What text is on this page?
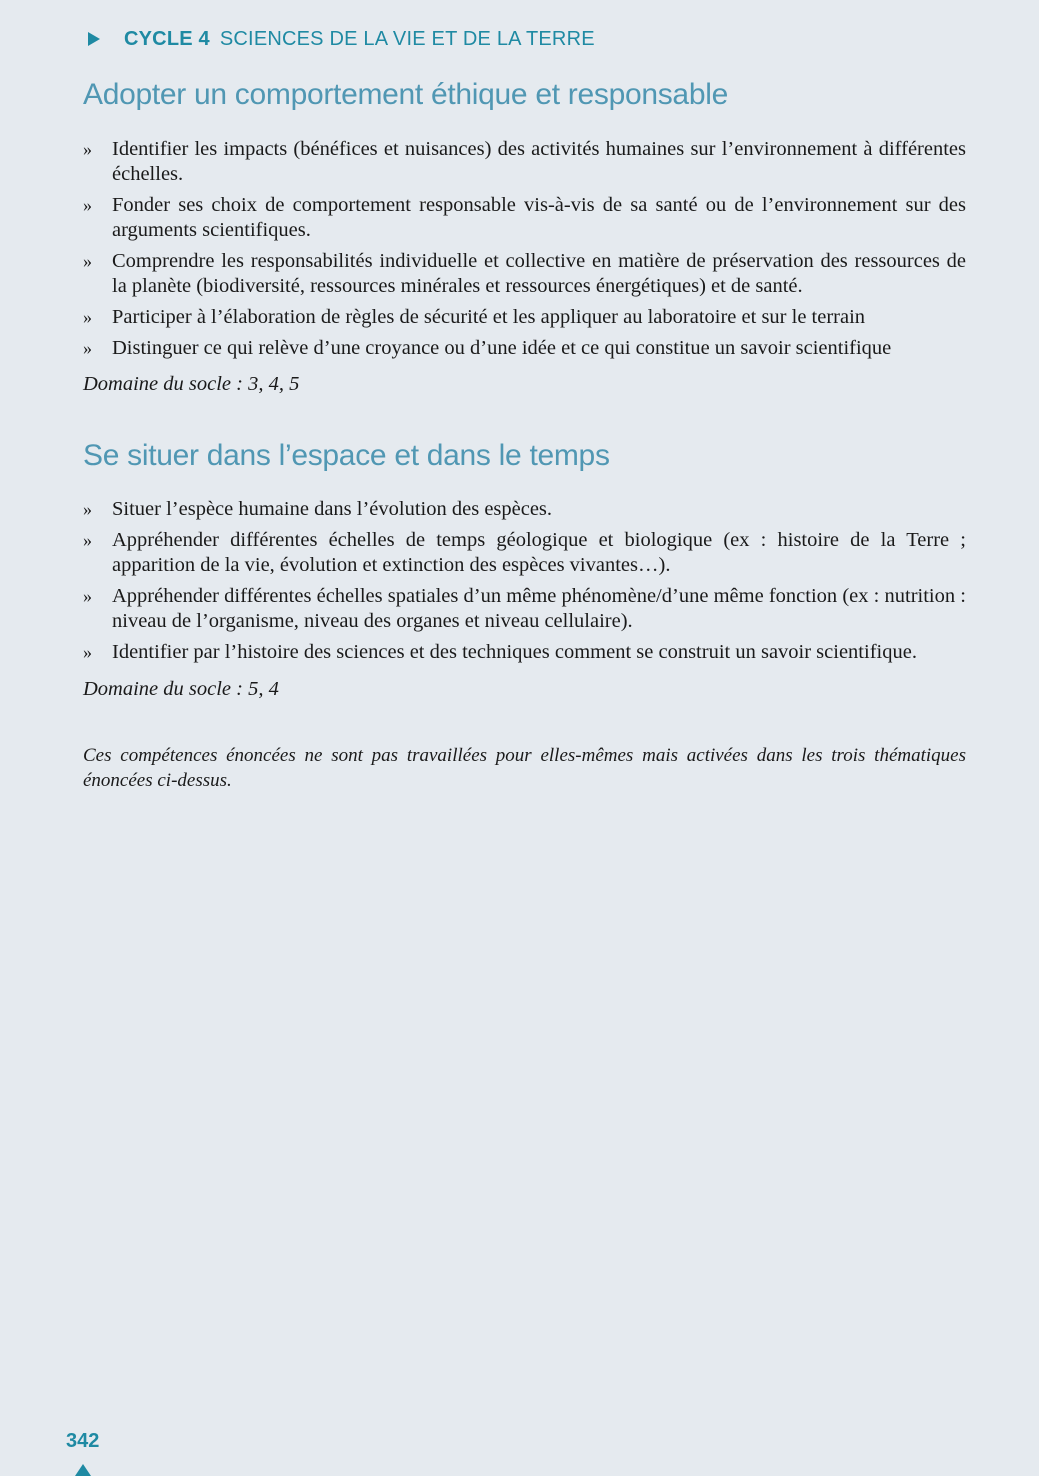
CYCLE 4 SCIENCES DE LA VIE ET DE LA TERRE
Adopter un comportement éthique et responsable
» Identifier les impacts (bénéfices et nuisances) des activités humaines sur l’environnement à différentes échelles.
» Fonder ses choix de comportement responsable vis-à-vis de sa santé ou de l’environnement sur des arguments scientifiques.
» Comprendre les responsabilités individuelle et collective en matière de préservation des ressources de la planète (biodiversité, ressources minérales et ressources énergétiques) et de santé.
» Participer à l’élaboration de règles de sécurité et les appliquer au laboratoire et sur le terrain
» Distinguer ce qui relève d’une croyance ou d’une idée et ce qui constitue un savoir scientifique

Domaine du socle : 3, 4, 5

Se situer dans l’espace et dans le temps
» Situer l’espèce humaine dans l’évolution des espèces.
» Appréhender différentes échelles de temps géologique et biologique (ex : histoire de la Terre ; apparition de la vie, évolution et extinction des espèces vivantes…).
» Appréhender différentes échelles spatiales d’un même phénomène/d’une même fonction (ex : nutrition : niveau de l’organisme, niveau des organes et niveau cellulaire).
» Identifier par l’histoire des sciences et des techniques comment se construit un savoir scientifique.

Domaine du socle : 5, 4

Ces compétences énoncées ne sont pas travaillées pour elles-mêmes mais activées dans les trois thématiques énoncées ci-dessus.

342
